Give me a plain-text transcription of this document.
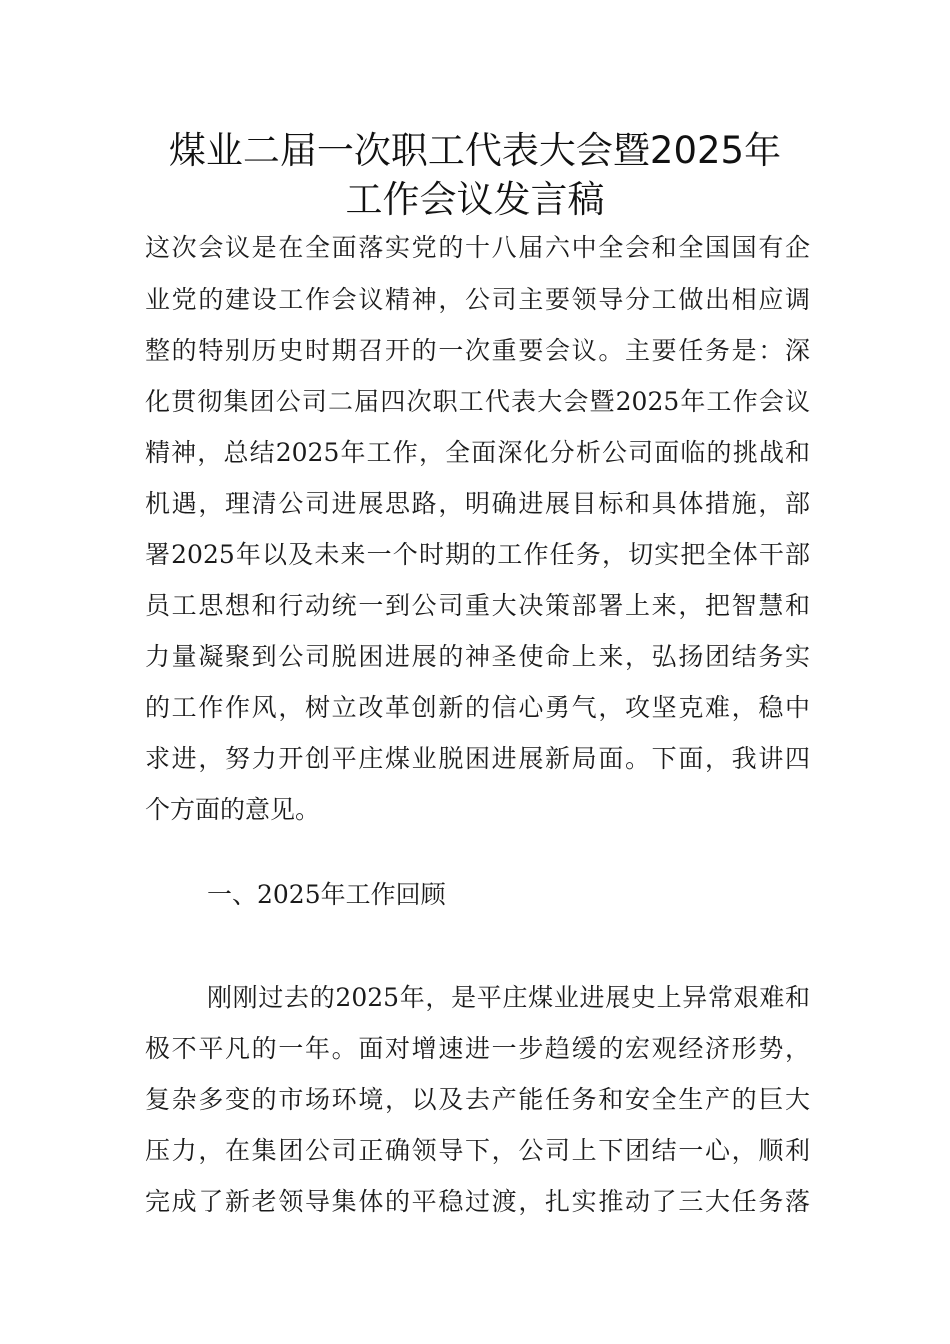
煤业二届一次职工代表大会暨2025年
工作会议发言稿
这次会议是在全面落实党的十八届六中全会和全国国有企
业党的建设工作会议精神，公司主要领导分工做出相应调
整的特别历史时期召开的一次重要会议。主要任务是：深
化贯彻集团公司二届四次职工代表大会暨2025年工作会议
精神，总结2025年工作，全面深化分析公司面临的挑战和
机遇，理清公司进展思路，明确进展目标和具体措施，部
署2025年以及未来一个时期的工作任务，切实把全体干部
员工思想和行动统一到公司重大决策部署上来，把智慧和
力量凝聚到公司脱困进展的神圣使命上来，弘扬团结务实
的工作作风，树立改革创新的信心勇气，攻坚克难，稳中
求进，努力开创平庄煤业脱困进展新局面。下面，我讲四
个方面的意见。
一、2025年工作回顾
刚刚过去的2025年，是平庄煤业进展史上异常艰难和
极不平凡的一年。面对增速进一步趋缓的宏观经济形势，
复杂多变的市场环境，以及去产能任务和安全生产的巨大
压力，在集团公司正确领导下，公司上下团结一心，顺利
完成了新老领导集体的平稳过渡，扎实推动了三大任务落
